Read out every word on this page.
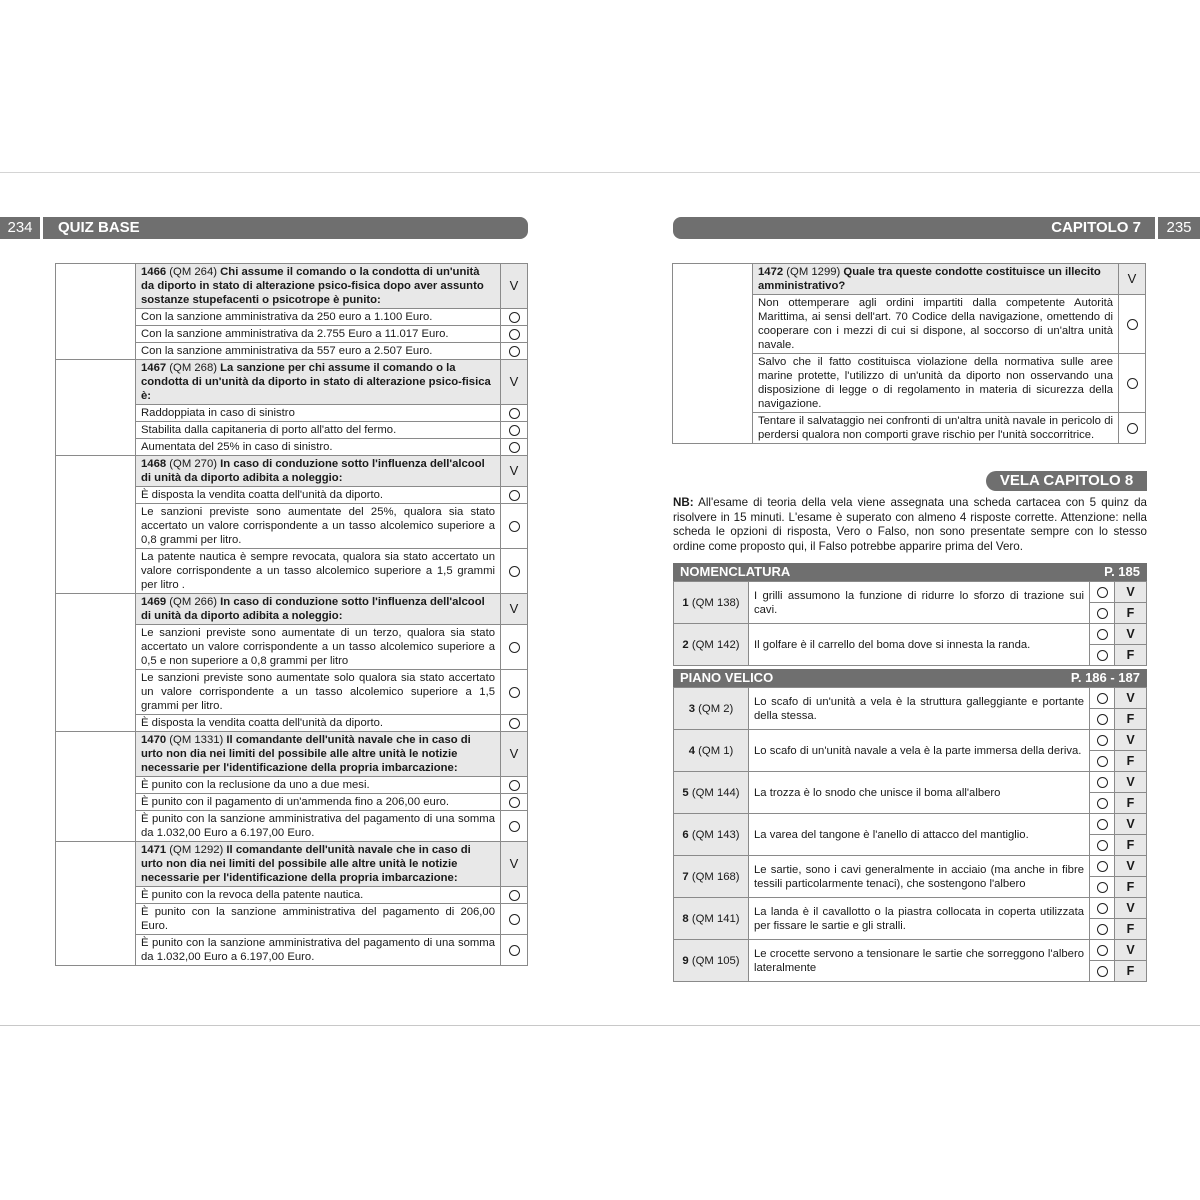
234	QUIZ BASE	CAPITOLO 7	235
	1466 (QM 264) Chi assume il comando o la condotta di un'unità da diporto in stato di alterazione psico-fisica dopo aver assunto sostanze stupefacenti o psicotrope è punito:	V
	Con la sanzione amministrativa da 250 euro a 1.100 Euro.	
	Con la sanzione amministrativa da 2.755 Euro a 11.017 Euro.	
	Con la sanzione amministrativa da 557 euro a 2.507 Euro.	
	1467 (QM 268) La sanzione per chi assume il comando o la condotta di un'unità da diporto in stato di alterazione psico-fisica è:	V
	Raddoppiata in caso di sinistro	
	Stabilita dalla capitaneria di porto all'atto del fermo.	
	Aumentata del 25% in caso di sinistro.	
	1468 (QM 270) In caso di conduzione sotto l'influenza dell'alcool di unità da diporto adibita a noleggio:	V
	È disposta la vendita coatta dell'unità da diporto.	
	Le sanzioni previste sono aumentate del 25%, qualora sia stato accertato un valore corrispondente a un tasso alcolemico superiore a 0,8 grammi per litro.	
	La patente nautica è sempre revocata, qualora sia stato accertato un valore corrispondente a un tasso alcolemico superiore a 1,5 grammi per litro .	
	1469 (QM 266) In caso di conduzione sotto l'influenza dell'alcool di unità da diporto adibita a noleggio:	V
	Le sanzioni previste sono aumentate di un terzo, qualora sia stato accertato un valore corrispondente a un tasso alcolemico superiore a 0,5 e non superiore a 0,8 grammi per litro	
	Le sanzioni previste sono aumentate solo qualora sia stato accertato un valore corrispondente a un tasso alcolemico superiore a 1,5 grammi per litro.	
	È disposta la vendita coatta dell'unità da diporto.	
	1470 (QM 1331) Il comandante dell'unità navale che in caso di urto non dia nei limiti del possibile alle altre unità le notizie necessarie per l'identificazione della propria imbarcazione:	V
	È punito con la reclusione da uno a due mesi.	
	È punito con il pagamento di un'ammenda fino a 206,00 euro.	
	È punito con la sanzione amministrativa del pagamento di una somma da 1.032,00 Euro a 6.197,00 Euro.	
	1471 (QM 1292) Il comandante dell'unità navale che in caso di urto non dia nei limiti del possibile alle altre unità le notizie necessarie per l'identificazione della propria imbarcazione:	V
	È punito con la revoca della patente nautica.	
	È punito con la sanzione amministrativa del pagamento di 206,00 Euro.	
	È punito con la sanzione amministrativa del pagamento di una somma da 1.032,00 Euro a 6.197,00 Euro.	
	1472 (QM 1299) Quale tra queste condotte costituisce un illecito amministrativo?	V
	Non ottemperare agli ordini impartiti dalla competente Autorità Marittima, ai sensi dell'art. 70 Codice della navigazione, omettendo di cooperare con i mezzi di cui si dispone, al soccorso di un'altra unità navale.	
	Salvo che il fatto costituisca violazione della normativa sulle aree marine protette, l'utilizzo di un'unità da diporto non osservando una disposizione di legge o di regolamento in materia di sicurezza della navigazione.	
	Tentare il salvataggio nei confronti di un'altra unità navale in pericolo di perdersi qualora non comporti grave rischio per l'unità soccorritrice.	
VELA CAPITOLO 8
NB: All'esame di teoria della vela viene assegnata una scheda cartacea con 5 quinz da risolvere in 15 minuti. L'esame è superato con almeno 4 risposte corrette. Attenzione: nella scheda le opzioni di risposta, Vero o Falso, non sono presentate sempre con lo stesso ordine come proposto qui, il Falso potrebbe apparire prima del Vero.
NOMENCLATURA	P. 185
1 (QM 138)	I grilli assumono la funzione di ridurre lo sforzo di trazione sui cavi.		V
			F
2 (QM 142)	Il golfare è il carrello del boma dove si innesta la randa.		V
			F
PIANO VELICO	P. 186 - 187
3 (QM 2)	Lo scafo di un'unità a vela è la struttura galleggiante e portante della stessa.		V
			F
4 (QM 1)	Lo scafo di un'unità navale a vela è la parte immersa della deriva.		V
			F
5 (QM 144)	La trozza è lo snodo che unisce il boma all'albero		V
			F
6 (QM 143)	La varea del tangone è l'anello di attacco del mantiglio.		V
			F
7 (QM 168)	Le sartie, sono i cavi generalmente in acciaio (ma anche in fibre tessili particolarmente tenaci), che sostengono l'albero		V
			F
8 (QM 141)	La landa è il cavallotto o la piastra collocata in coperta utilizzata per fissare le sartie e gli stralli.		V
			F
9 (QM 105)	Le crocette servono a tensionare le sartie che sorreggono l'albero lateralmente		V
			F
